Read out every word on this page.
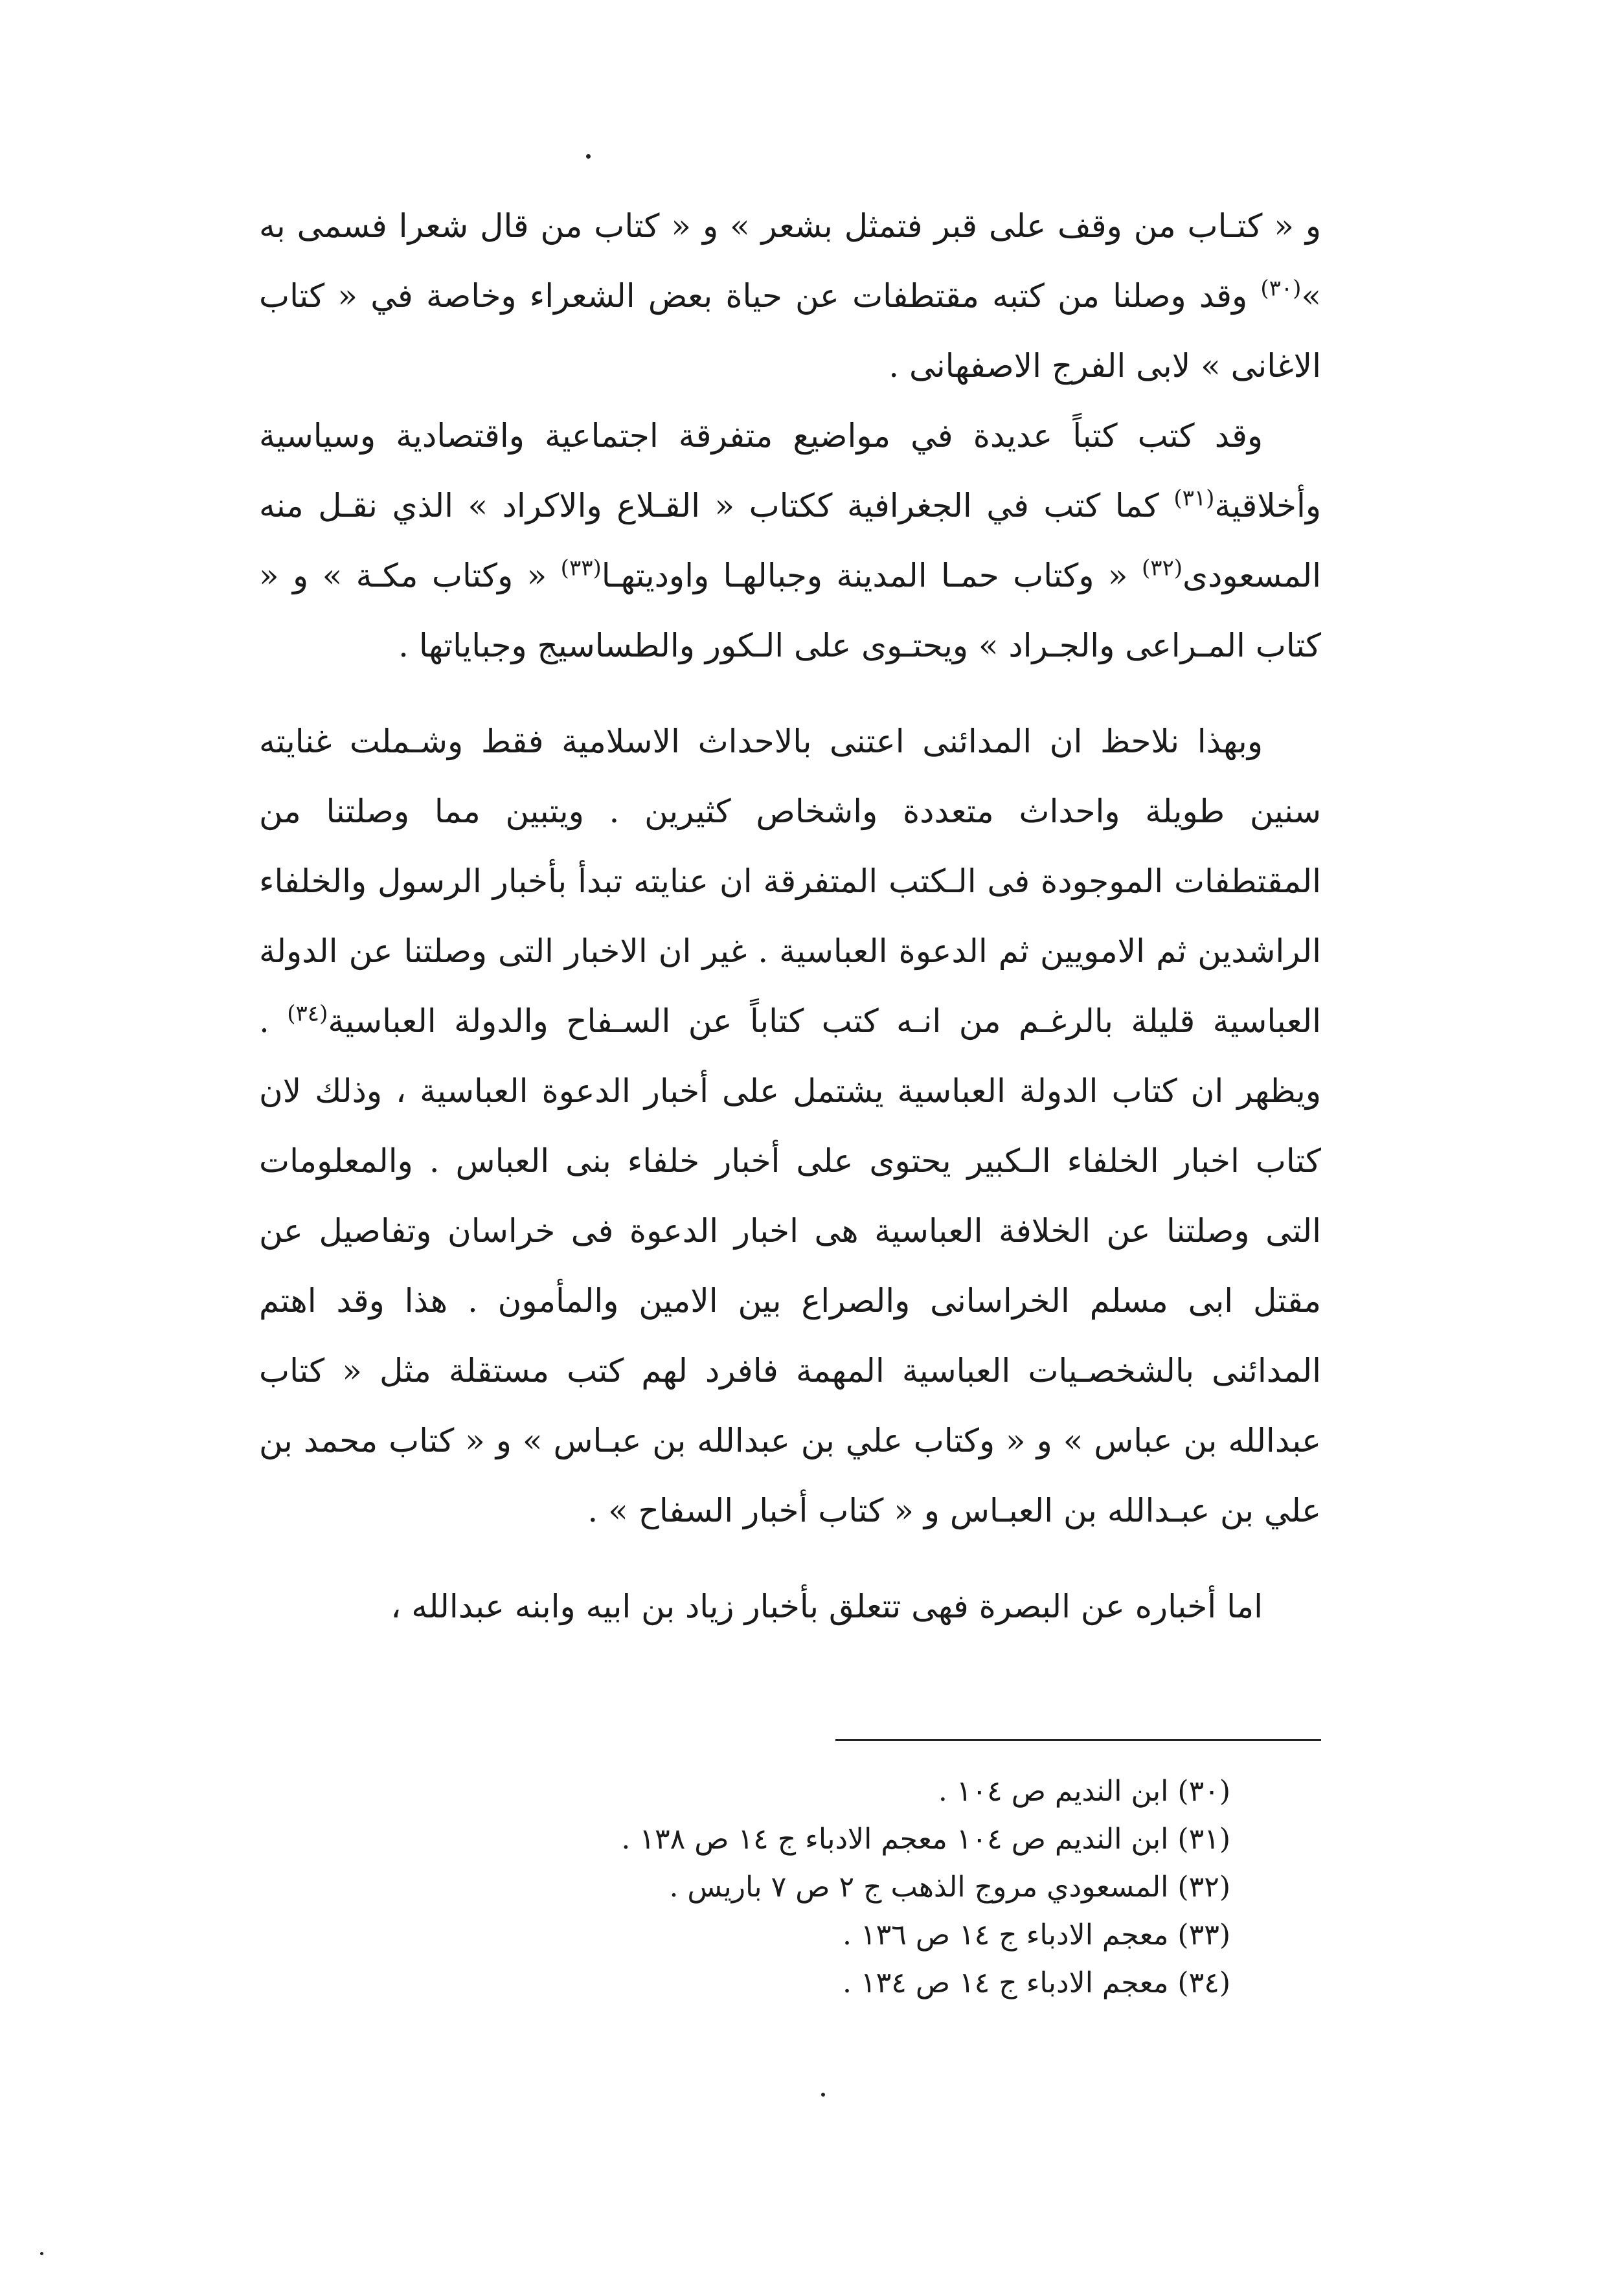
و « كتـاب من وقف على قبر فتمثل بشعر » و « كتاب من قال شعرا فسمى به »$^{(٣٠)}$ وقد وصلنا من كتبه مقتطفات عن حياة بعض الشعراء وخاصة في « كتاب الاغانى » لابى الفرج الاصفهانى .

وقد كتب كتباً عديدة في مواضيع متفرقة اجتماعية واقتصادية وسياسية وأخلاقية$^{(٣١)}$ كما كتب في الجغرافية ككتاب « القـلاع والاكراد » الذي نقـل منه المسعودى$^{(٣٢)}$ « وكتاب حمـا المدينة وجبالهـا واوديتهـا$^{(٣٣)}$ « وكتاب مكـة » و « كتاب المـراعى والجـراد » ويحتـوى على الـكور والطساسيج وجباياتها .

وبهذا نلاحظ ان المدائنى اعتنى بالاحداث الاسلامية فقط وشـملت غنايته سنين طويلة واحداث متعددة واشخاص كثيرين . ويتبين مما وصلتنا من المقتطفات الموجودة فى الـكتب المتفرقة ان عنايته تبدأ بأخبار الرسول والخلفاء الراشدين ثم الامويين ثم الدعوة العباسية . غير ان الاخبار التى وصلتنا عن الدولة العباسية قليلة بالرغـم من انـه كتب كتاباً عن السـفاح والدولة العباسية$^{(٣٤)}$ . ويظهر ان كتاب الدولة العباسية يشتمل على أخبار الدعوة العباسية ، وذلك لان كتاب اخبار الخلفاء الـكبير يحتوى على أخبار خلفاء بنى العباس . والمعلومات التى وصلتنا عن الخلافة العباسية هى اخبار الدعوة فى خراسان وتفاصيل عن مقتل ابى مسلم الخراسانى والصراع بين الامين والمأمون . هذا وقد اهتم المدائنى بالشخصـيات العباسية المهمة فافرد لهم كتب مستقلة مثل « كتاب عبدالله بن عباس » و « وكتاب علي بن عبدالله بن عبـاس » و « كتاب محمد بن علي بن عبـدالله بن العبـاس و « كتاب أخبار السفاح » .

اما أخباره عن البصرة فهى تتعلق بأخبار زياد بن ابيه وابنه عبدالله ،

(٣٠) ابن النديم ص ١٠٤ .

(٣١) ابن النديم ص ١٠٤ معجم الادباء ج ١٤ ص ١٣٨ .

(٣٢) المسعودي مروج الذهب ج ٢ ص ٧ باريس .

(٣٣) معجم الادباء ج ١٤ ص ١٣٦ .

(٣٤) معجم الادباء ج ١٤ ص ١٣٤ .
